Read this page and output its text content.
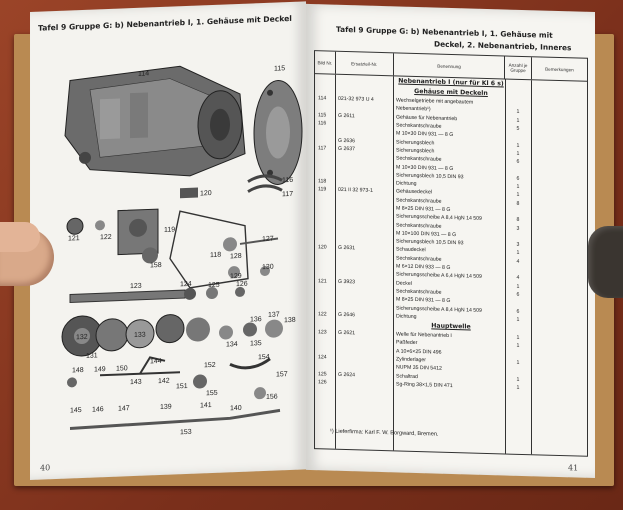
Tafel 9 Gruppe G: b) Nebenantrieb I, 1. Gehäuse mit Deckel
114
115
116
117
118
119
120
121	122
123	124 125 126
127
128
129
130
131
132	133
134 135
136
137
138
139	140
141
142
143
144
145 146 147
148 149 150
151
152
153
154
155	156
157
158
40
Tafel 9 Gruppe G: b) Nebenantrieb I, 1. Gehäuse mit
Deckel, 2. Nebenantrieb, Inneres
Bild Nr.	Ersatzteil-Nr.	Benennung	Anzahl je Gruppe	Bemerkungen
Nebenantrieb I (nur für Kl 6 s)
Gehäuse mit Deckeln
114	021-32 973 U 4	Wechselgetriebe mit angebautem
Nebenantrieb¹)	1
115	G 2611	Gehäuse für Nebenantrieb	1
116	Sechskantschraube	5
M 10×30 DIN 931 — 8 G
G 2636	Sicherungsblech	1
117	G 2637	Sicherungsblech	1
Sechskantschraube	6
M 10×30 DIN 931 — 8 G
Sicherungsblech 10,5 DIN 93	6
118	Dichtung	1
119	021 II 32 973-1	Gehäusedeckel	1
Sechskantschraube	8
M 8×25 DIN 931 — 8 G
Sicherungsscheibe A 8,4 HgN 14 509	8
Sechskantschraube	3
M 10×100 DIN 931 — 8 G
Sicherungsblech 10,5 DIN 93	3
120	G 2631	Schaudeckel	1
Sechskantschraube	4
M 6×12 DIN 933 — 8 G
Sicherungsscheibe A 6,4 HgN 14 509	4
121	G 3923	Deckel	1
Sechskantschraube	6
M 8×25 DIN 931 — 8 G
Sicherungsscheibe A 8,4 HgN 14 509	6
122	G 2646	Dichtung	1
Hauptwelle
123	G 2621	Welle für Nebenantrieb I	1
Paßfeder	1
A 10×6×25 DIN 496
124	Zylinderlager	1
NUPM 35 DIN 5412
125	G 2624	Schaltrad	1
126	Sg-Ring 38×1,5 DIN 471	1
¹) Lieferfirma: Karl F. W. Borgward, Bremen.
41
